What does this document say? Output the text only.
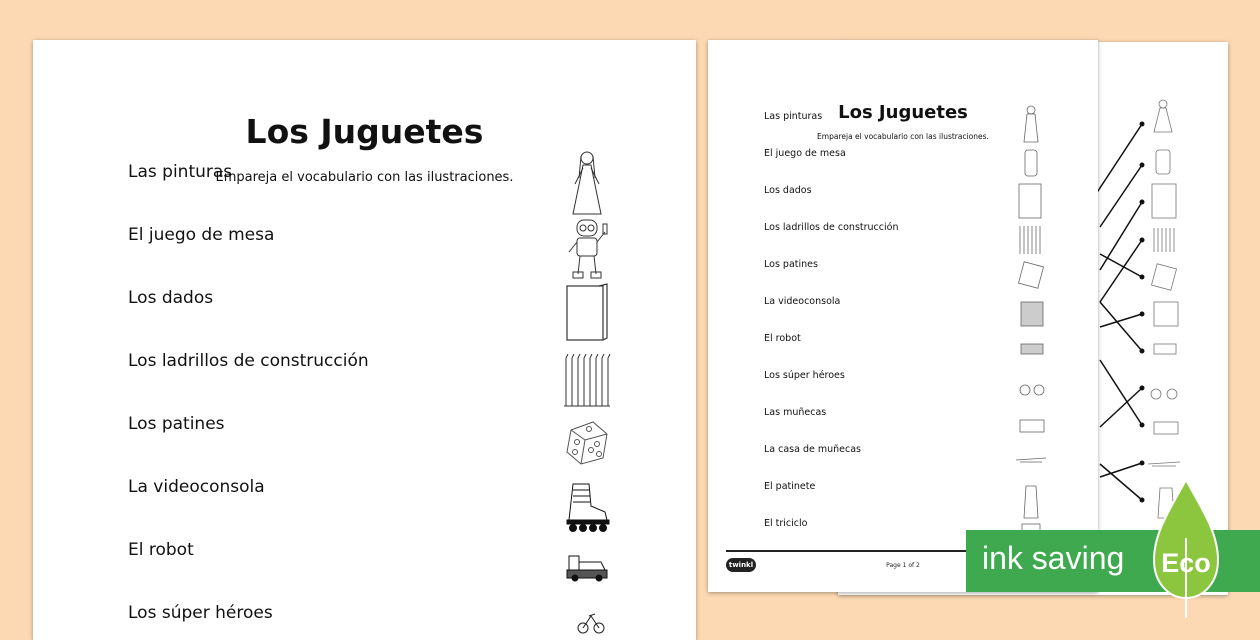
Los Juguetes
Empareja el vocabulario con las ilustraciones.
Las pinturas
El juego de mesa
Los dados
Los ladrillos de construcción
Los patines
La videoconsola
El robot
Los súper héroes
Los Juguetes
Empareja el vocabulario con las ilustraciones.
Las pinturas
El juego de mesa
Los dados
Los ladrillos de construcción
Los patines
La videoconsola
El robot
Los súper héroes
Las muñecas
La casa de muñecas
El patinete
El triciclo
twinkl	Page 1 of 2	ink saving Eco
